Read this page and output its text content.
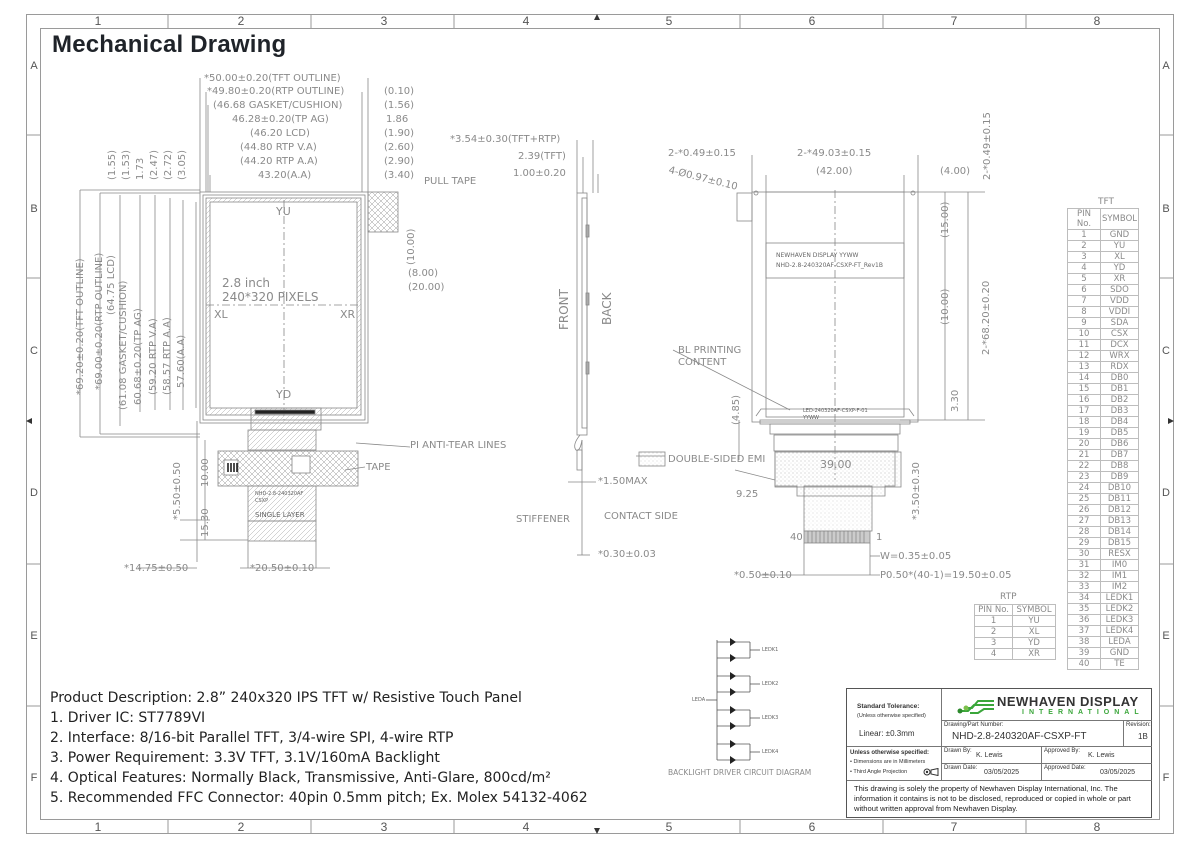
1	2	3	4	5	6	7	8
1	2	3	4	5	6	7	8
A
B
C
D
E
F
A
B
C
D
E
F
Mechanical Drawing
*50.00±0.20(TFT OUTLINE)
*49.80±0.20(RTP OUTLINE)
(46.68 GASKET/CUSHION)
46.28±0.20(TP AG)
(46.20 LCD)
(44.80 RTP V.A)
(44.20 RTP A.A)
43.20(A.A)
(0.10)
(1.56)
1.86
(1.90)
(2.60)
(2.90)
(3.40)
PULL TAPE
(1.55) (1.53) 1.73 (2.47) (2.72) (3.05)
*69.20±0.20(TFT OUTLINE) *69.00±0.20(RTP OUTLINE) (64.75 LCD) (61.08 GASKET/CUSHION) 60.68±0.20(TP AG) (59.20 RTP V.A) (58.57 RTP A.A) 57.60(A.A)
(10.00)
(8.00)
(20.00)
YU
YD
XL	XR
2.8 inch
240*320 PIXELS
PI ANTI-TEAR LINES
TAPE
*5.50±0.50 10.00
15.30
*14.75±0.50	*20.50±0.10
NHD-2.8-240320AF
CSXP
SINGLE LAYER
*3.54±0.30(TFT+RTP)
2.39(TFT)
1.00±0.20
FRONT BACK
*1.50MAX
STIFFENER	CONTACT SIDE
*0.30±0.03
2-*0.49±0.15	2-*49.03±0.15
(42.00)	(4.00)
4-Ø0.97±0.10	2-*0.49±0.15
(15.00)
(10.00)	2-*68.20±0.20
3.30
NEWHAVEN DISPLAY YYWW
NHD-2.8-240320AF-CSXP-FT_Rev1B
BL PRINTING
CONTENT
LED-240320AF-CSXP-F-01
YYWW
(4.85)
DOUBLE-SIDED EMI	39.00
9.25	*3.50±0.30
40	1
W=0.35±0.05
*0.50±0.10	P0.50*(40-1)=19.50±0.05
TFT
PIN No.	SYMBOL
1	GND
2	YU
3	XL
4	YD
5	XR
6	SDO
7	VDD
8	VDDI
9	SDA
10	CSX
11	DCX
12	WRX
13	RDX
14	DB0
15	DB1
16	DB2
17	DB3
18	DB4
19	DB5
20	DB6
21	DB7
22	DB8
23	DB9
24	DB10
25	DB11
26	DB12
27	DB13
28	DB14
29	DB15
30	RESX
31	IM0
32	IM1
33	IM2
34	LEDK1
35	LEDK2
36	LEDK3
37	LEDK4
38	LEDA
39	GND
40	TE
RTP
PIN No.	SYMBOL
1	YU
2	XL
3	YD
4	XR
LEDA
LEDK1
LEDK2
LEDK3
LEDK4
BACKLIGHT DRIVER CIRCUIT DIAGRAM
Product Description: 2.8” 240x320 IPS TFT w/ Resistive Touch Panel
1. Driver IC: ST7789VI
2. Interface: 8/16-bit Parallel TFT, 3/4-wire SPI, 4-wire RTP
3. Power Requirement: 3.3V TFT, 3.1V/160mA Backlight
4. Optical Features: Normally Black, Transmissive, Anti-Glare, 800cd/m²
5. Recommended FFC Connector: 40pin 0.5mm pitch; Ex. Molex 54132-4062
Standard Tolerance:
(Unless otherwise specified)
Linear: ±0.3mm
NEWHAVEN DISPLAY
INTERNATIONAL
Drawing/Part Number:
NHD-2.8-240320AF-CSXP-FT
Revision:
1B
Unless otherwise specified:
• Dimensions are in Millimeters
• Third Angle Projection
Drawn By:
K. Lewis
Approved By:
K. Lewis
Drawn Date:
03/05/2025
Approved Date:
03/05/2025
This drawing is solely the property of Newhaven Display International, Inc. The information it contains is not to be disclosed, reproduced or copied in whole or part without written approval from Newhaven Display.
